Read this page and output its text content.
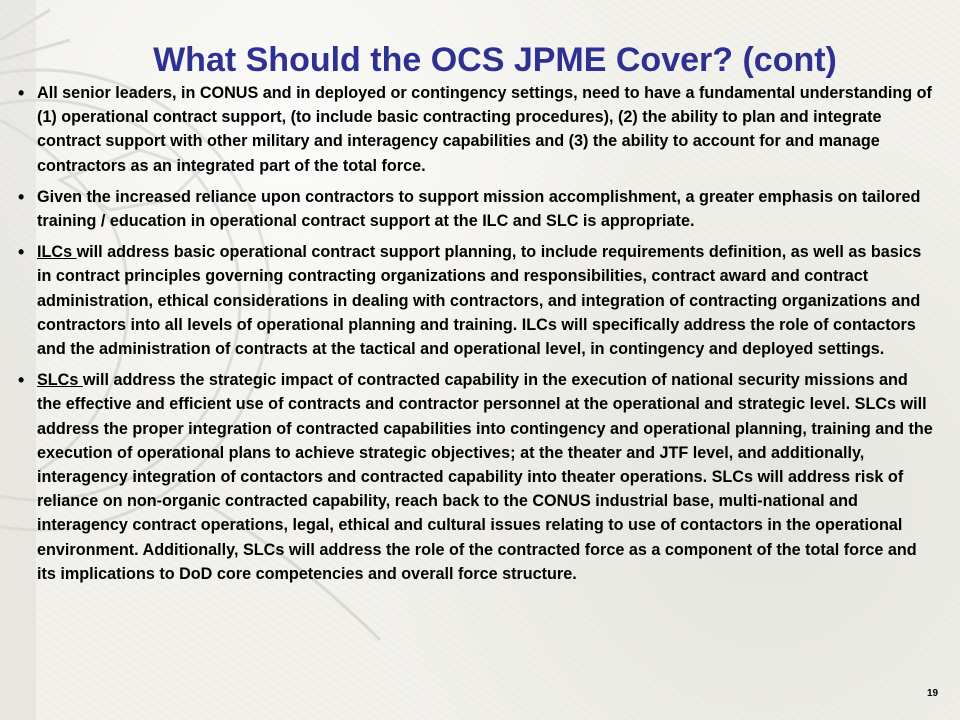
What Should the OCS JPME Cover? (cont)
• All senior leaders, in CONUS and in deployed or contingency settings, need to have a fundamental understanding of (1) operational contract support, (to include basic contracting procedures), (2) the ability to plan and integrate contract support with other military and interagency capabilities and (3) the ability to account for and manage contractors as an integrated part of the total force.
• Given the increased reliance upon contractors to support mission accomplishment, a greater emphasis on tailored training / education in operational contract support at the ILC and SLC is appropriate.
• ILCs will address basic operational contract support planning, to include requirements definition, as well as basics in contract principles governing contracting organizations and responsibilities, contract award and contract administration, ethical considerations in dealing with contractors, and integration of contracting organizations and contractors into all levels of operational planning and training. ILCs will specifically address the role of contactors and the administration of contracts at the tactical and operational level, in contingency and deployed settings.
• SLCs will address the strategic impact of contracted capability in the execution of national security missions and the effective and efficient use of contracts and contractor personnel at the operational and strategic level. SLCs will address the proper integration of contracted capabilities into contingency and operational planning, training and the execution of operational plans to achieve strategic objectives; at the theater and JTF level, and additionally, interagency integration of contactors and contracted capability into theater operations. SLCs will address risk of reliance on non-organic contracted capability, reach back to the CONUS industrial base, multi-national and interagency contract operations, legal, ethical and cultural issues relating to use of contactors in the operational environment. Additionally, SLCs will address the role of the contracted force as a component of the total force and its implications to DoD core competencies and overall force structure.
19
